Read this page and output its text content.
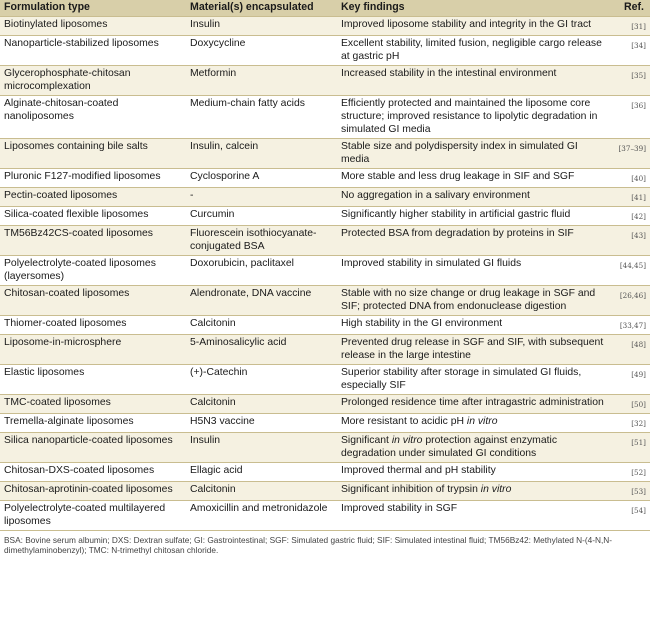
Formulation type	Material(s) encapsulated	Key findings	Ref.
Biotinylated liposomes	Insulin	Improved liposome stability and integrity in the GI tract	[31]
Nanoparticle-stabilized liposomes	Doxycycline	Excellent stability, limited fusion, negligible cargo release at gastric pH	[34]
Glycerophosphate-chitosan microcomplexation	Metformin	Increased stability in the intestinal environment	[35]
Alginate-chitosan-coated nanoliposomes	Medium-chain fatty acids	Efficiently protected and maintained the liposome core structure; improved resistance to lipolytic degradation in simulated GI media	[36]
Liposomes containing bile salts	Insulin, calcein	Stable size and polydispersity index in simulated GI media	[37–39]
Pluronic F127-modified liposomes	Cyclosporine A	More stable and less drug leakage in SIF and SGF	[40]
Pectin-coated liposomes	-	No aggregation in a salivary environment	[41]
Silica-coated flexible liposomes	Curcumin	Significantly higher stability in artificial gastric fluid	[42]
TM56Bz42CS-coated liposomes	Fluorescein isothiocyanate-conjugated BSA	Protected BSA from degradation by proteins in SIF	[43]
Polyelectrolyte-coated liposomes (layersomes)	Doxorubicin, paclitaxel	Improved stability in simulated GI fluids	[44,45]
Chitosan-coated liposomes	Alendronate, DNA vaccine	Stable with no size change or drug leakage in SGF and SIF; protected DNA from endonuclease digestion	[26,46]
Thiomer-coated liposomes	Calcitonin	High stability in the GI environment	[33,47]
Liposome-in-microsphere	5-Aminosalicylic acid	Prevented drug release in SGF and SIF, with subsequent release in the large intestine	[48]
Elastic liposomes	(+)-Catechin	Superior stability after storage in simulated GI fluids, especially SIF	[49]
TMC-coated liposomes	Calcitonin	Prolonged residence time after intragastric administration	[50]
Tremella-alginate liposomes	H5N3 vaccine	More resistant to acidic pH in vitro	[32]
Silica nanoparticle-coated liposomes	Insulin	Significant in vitro protection against enzymatic degradation under simulated GI conditions	[51]
Chitosan-DXS-coated liposomes	Ellagic acid	Improved thermal and pH stability	[52]
Chitosan-aprotinin-coated liposomes	Calcitonin	Significant inhibition of trypsin in vitro	[53]
Polyelectrolyte-coated multilayered liposomes	Amoxicillin and metronidazole	Improved stability in SGF	[54]
BSA: Bovine serum albumin; DXS: Dextran sulfate; GI: Gastrointestinal; SGF: Simulated gastric fluid; SIF: Simulated intestinal fluid; TM56Bz42: Methylated N-(4-N,N-dimethylaminobenzyl); TMC: N-trimethyl chitosan chloride.
